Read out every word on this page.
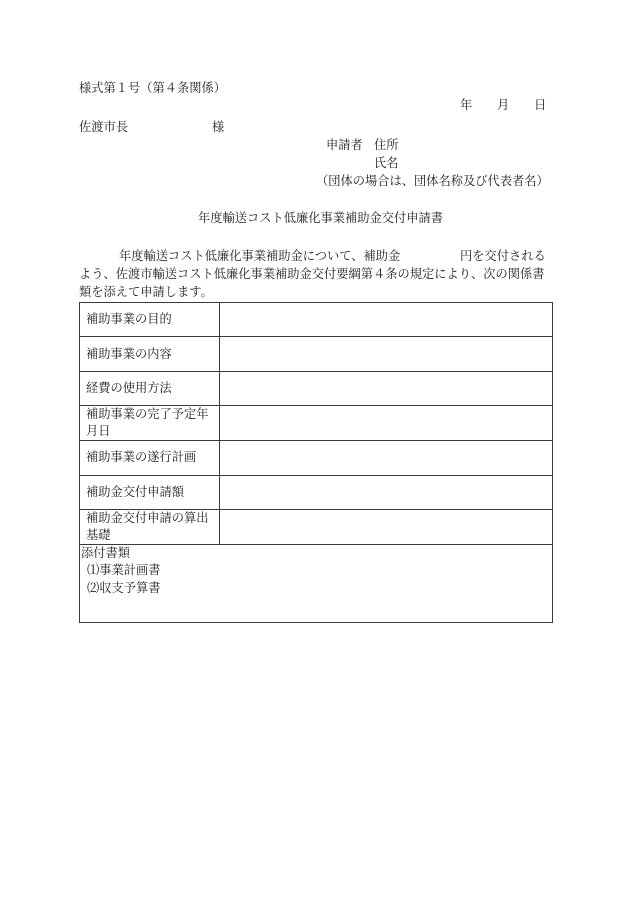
様式第１号（第４条関係）
年 月 日
佐渡市長	様
申請者 住所
氏名
（団体の場合は、団体名称及び代表者名）
年度輸送コスト低廉化事業補助金交付申請書
年度輸送コスト低廉化事業補助金について、補助金	円を交付される
よう、佐渡市輸送コスト低廉化事業補助金交付要綱第４条の規定により、次の関係書
類を添えて申請します。
補助事業の目的	
補助事業の内容	
経費の使用方法	
補助事業の完了予定年月日	
補助事業の遂行計画	
補助金交付申請額	
補助金交付申請の算出基礎	

添付書類
⑴事業計画書
⑵収支予算書	
